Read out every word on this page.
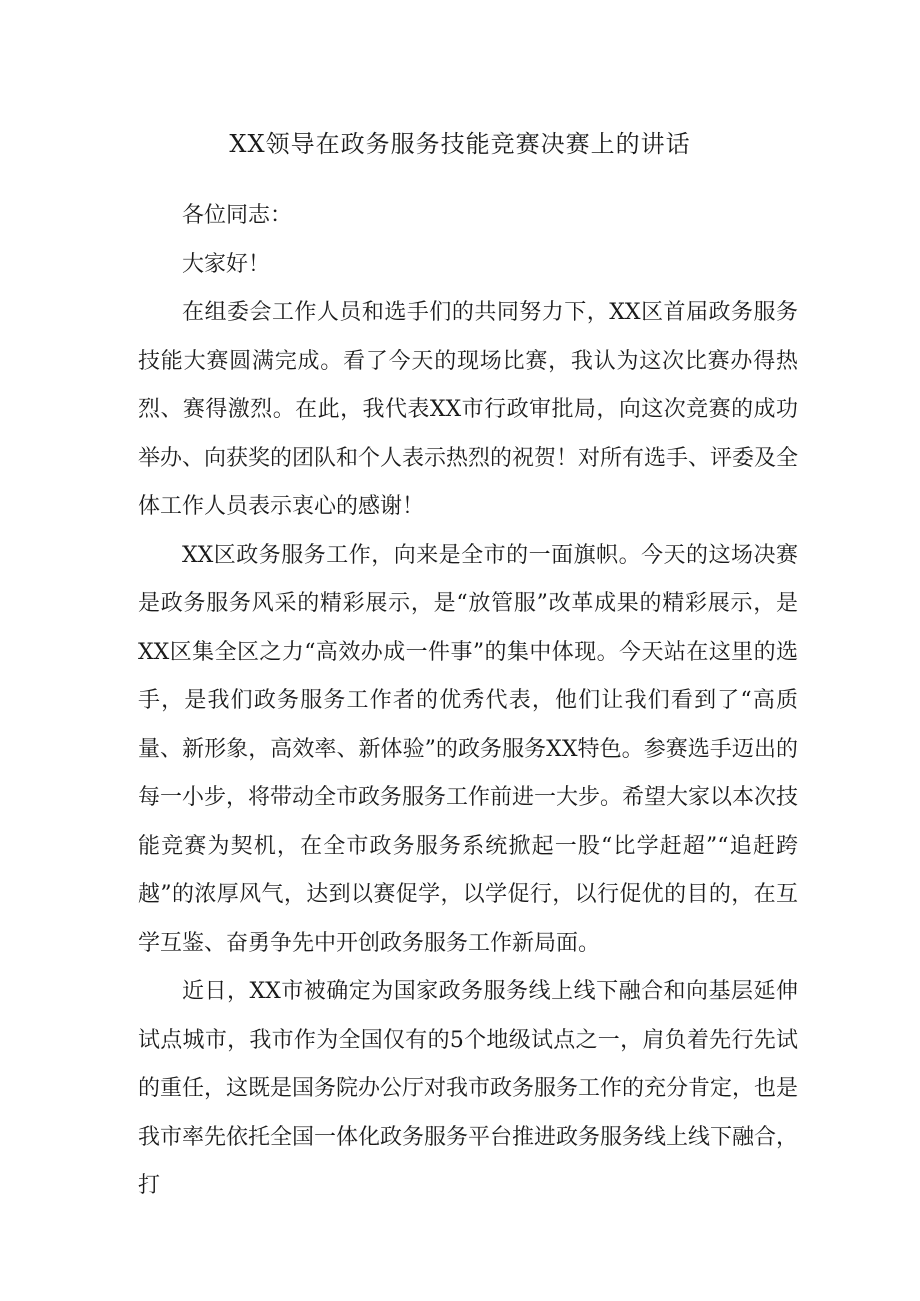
XX领导在政务服务技能竞赛决赛上的讲话

各位同志：

大家好！

在组委会工作人员和选手们的共同努力下，XX区首届政务服务技能大赛圆满完成。看了今天的现场比赛，我认为这次比赛办得热烈、赛得激烈。在此，我代表XX市行政审批局，向这次竞赛的成功举办、向获奖的团队和个人表示热烈的祝贺！对所有选手、评委及全体工作人员表示衷心的感谢！

XX区政务服务工作，向来是全市的一面旗帜。今天的这场决赛是政务服务风采的精彩展示，是“放管服”改革成果的精彩展示，是XX区集全区之力“高效办成一件事”的集中体现。今天站在这里的选手，是我们政务服务工作者的优秀代表，他们让我们看到了“高质量、新形象，高效率、新体验”的政务服务XX特色。参赛选手迈出的每一小步，将带动全市政务服务工作前进一大步。希望大家以本次技能竞赛为契机，在全市政务服务系统掀起一股“比学赶超”“追赶跨越”的浓厚风气，达到以赛促学，以学促行，以行促优的目的，在互学互鉴、奋勇争先中开创政务服务工作新局面。

近日，XX市被确定为国家政务服务线上线下融合和向基层延伸试点城市，我市作为全国仅有的5个地级试点之一，肩负着先行先试的重任，这既是国务院办公厅对我市政务服务工作的充分肯定，也是我市率先依托全国一体化政务服务平台推进政务服务线上线下融合，打
